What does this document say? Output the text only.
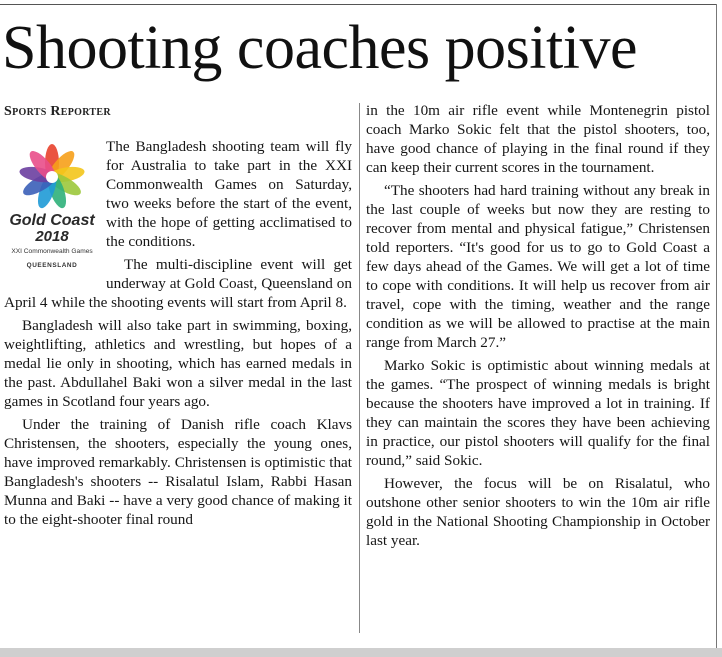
Shooting coaches positive
Sports Reporter
Gold Coast
2018
XXI Commonwealth Games
QUEENSLAND

The Bangladesh shooting team will fly for Australia to take part in the XXI Commonwealth Games on Saturday, two weeks before the start of the event, with the hope of getting acclimatised to the conditions.

The multi-discipline event will get underway at Gold Coast, Queensland on April 4 while the shooting events will start from April 8.

Bangladesh will also take part in swimming, boxing, weightlifting, athletics and wrestling, but hopes of a medal lie only in shooting, which has earned medals in the past. Abdullahel Baki won a silver medal in the last games in Scotland four years ago.

Under the training of Danish rifle coach Klavs Christensen, the shooters, especially the young ones, have improved remarkably. Christensen is optimistic that Bangladesh's shooters -- Risalatul Islam, Rabbi Hasan Munna and Baki -- have a very good chance of making it to the eight-shooter final round

in the 10m air rifle event while Montenegrin pistol coach Marko Sokic felt that the pistol shooters, too, have good chance of playing in the final round if they can keep their current scores in the tournament.

“The shooters had hard training without any break in the last couple of weeks but now they are resting to recover from mental and physical fatigue,” Christensen told reporters. “It's good for us to go to Gold Coast a few days ahead of the Games. We will get a lot of time to cope with conditions. It will help us recover from air travel, cope with the timing, weather and the range condition as we will be allowed to practise at the main range from March 27.”

Marko Sokic is optimistic about winning medals at the games. “The prospect of winning medals is bright because the shooters have improved a lot in training. If they can maintain the scores they have been achieving in practice, our pistol shooters will qualify for the final round,” said Sokic.

However, the focus will be on Risalatul, who outshone other senior shooters to win the 10m air rifle gold in the National Shooting Championship in October last year.
